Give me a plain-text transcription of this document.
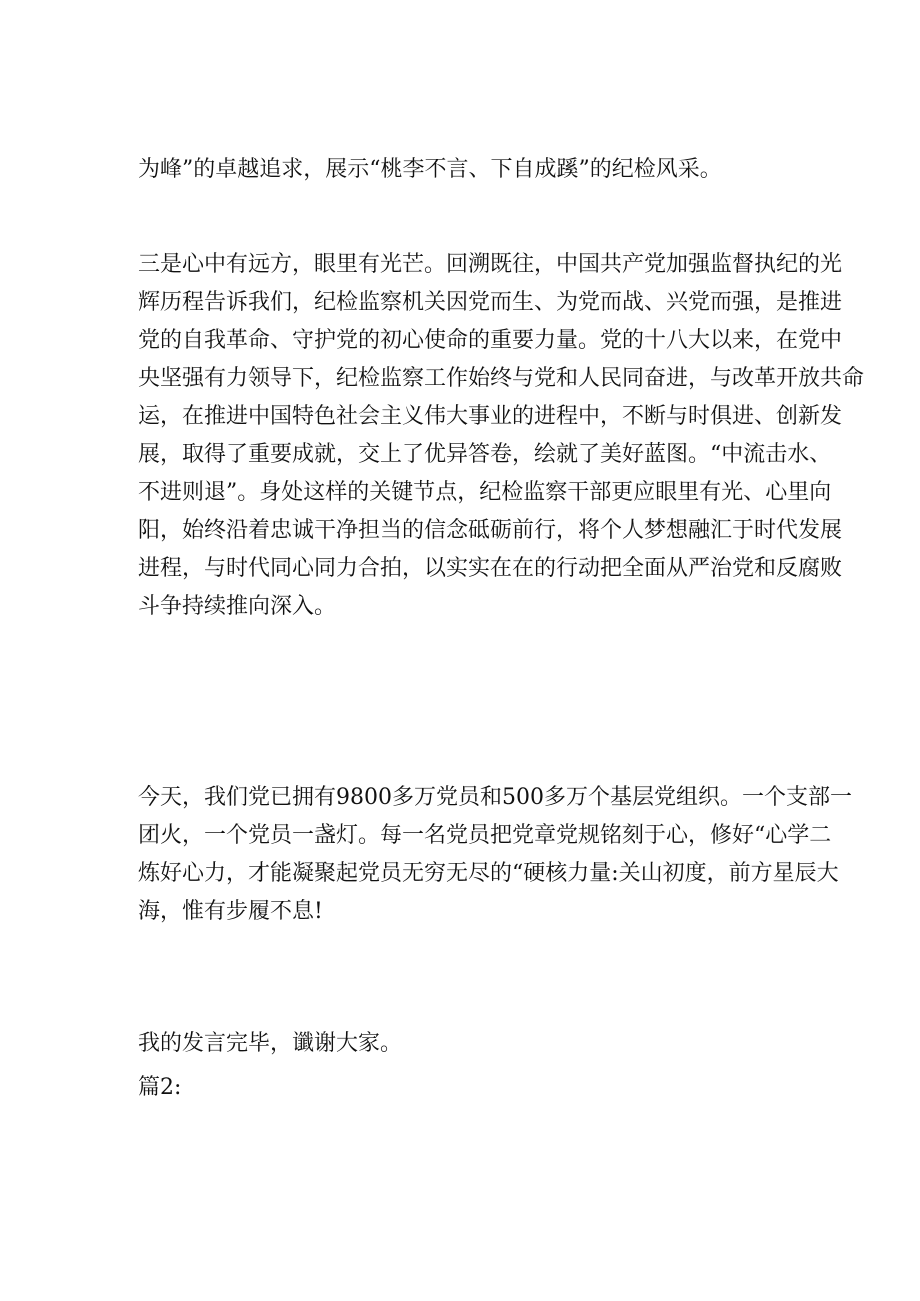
为峰”的卓越追求，展示“桃李不言、下自成蹊”的纪检风采。
三是心中有远方，眼里有光芒。回溯既往，中国共产党加强监督执纪的光
辉历程告诉我们，纪检监察机关因党而生、为党而战、兴党而强，是推进
党的自我革命、守护党的初心使命的重要力量。党的十八大以来，在党中
央坚强有力领导下，纪检监察工作始终与党和人民同奋进，与改革开放共命
运，在推进中国特色社会主义伟大事业的进程中，不断与时俱进、创新发
展，取得了重要成就，交上了优异答卷，绘就了美好蓝图。“中流击水、
不进则退”。身处这样的关键节点，纪检监察干部更应眼里有光、心里向
阳，始终沿着忠诚干净担当的信念砥砺前行，将个人梦想融汇于时代发展
进程，与时代同心同力合拍，以实实在在的行动把全面从严治党和反腐败
斗争持续推向深入。
今天，我们党已拥有9800多万党员和500多万个基层党组织。一个支部一
团火，一个党员一盏灯。每一名党员把党章党规铭刻于心，修好“心学二
炼好心力，才能凝聚起党员无穷无尽的“硬核力量:关山初度，前方星辰大
海，惟有步履不息!
我的发言完毕，谶谢大家。
篇2:
